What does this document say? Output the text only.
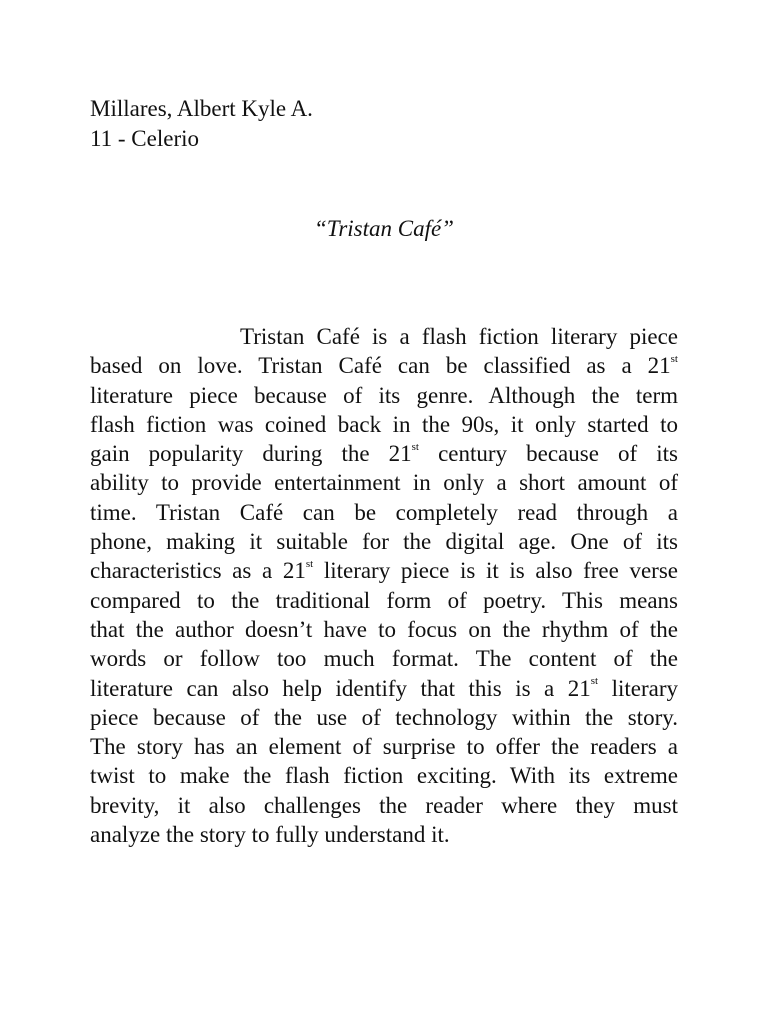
Millares, Albert Kyle A.
11 - Celerio
“Tristan Café”
Tristan Café is a flash fiction literary piece
based on love. Tristan Café can be classified as a 21st
literature piece because of its genre. Although the term
flash fiction was coined back in the 90s, it only started to
gain popularity during the 21st century because of its
ability to provide entertainment in only a short amount of
time. Tristan Café can be completely read through a
phone, making it suitable for the digital age. One of its
characteristics as a 21st literary piece is it is also free verse
compared to the traditional form of poetry. This means
that the author doesn’t have to focus on the rhythm of the
words or follow too much format. The content of the
literature can also help identify that this is a 21st literary
piece because of the use of technology within the story.
The story has an element of surprise to offer the readers a
twist to make the flash fiction exciting. With its extreme
brevity, it also challenges the reader where they must
analyze the story to fully understand it.
